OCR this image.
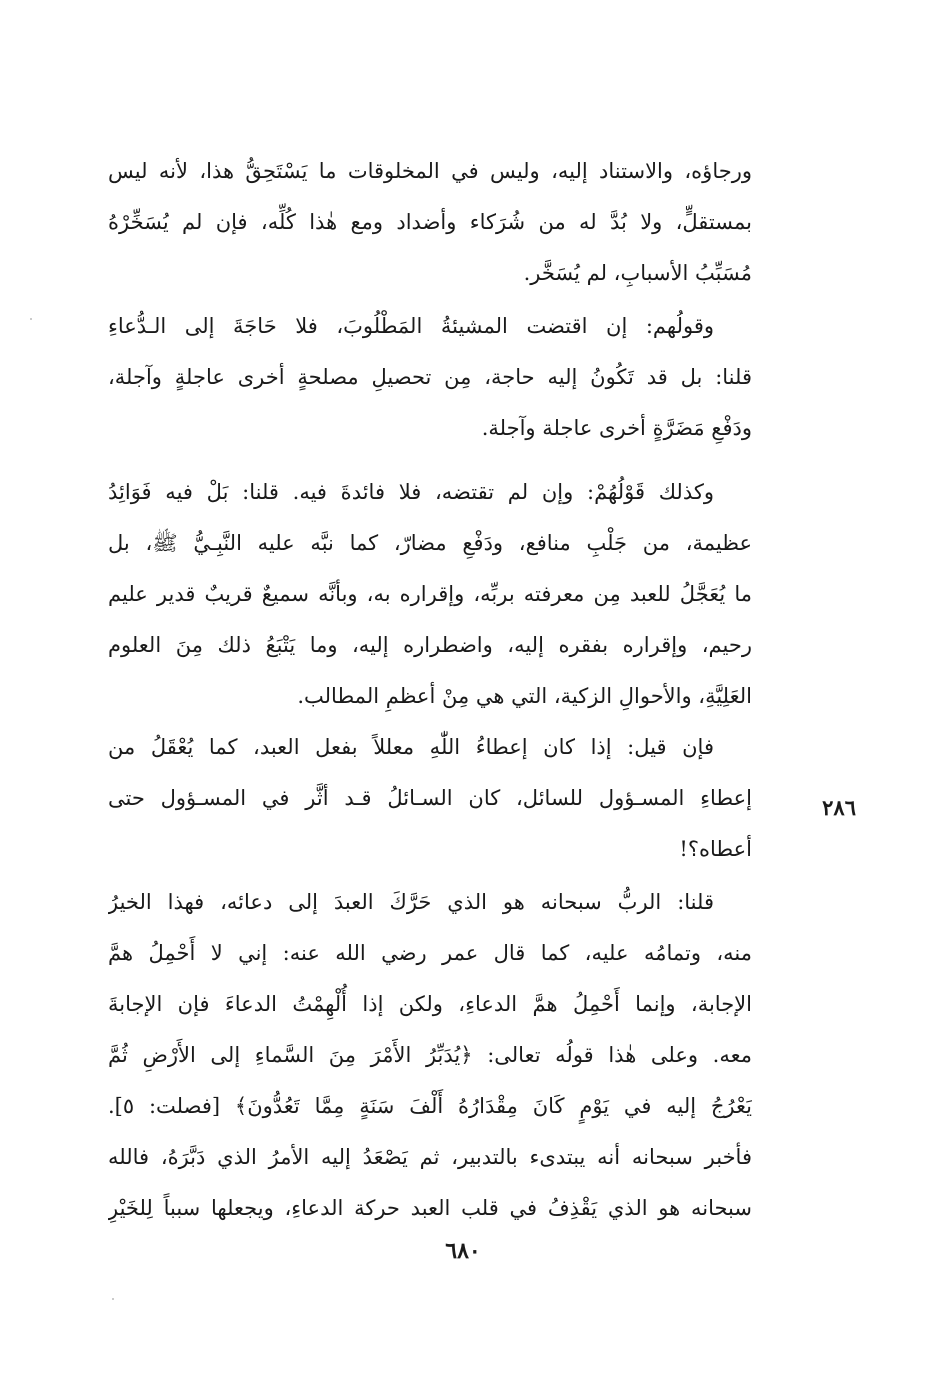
ورجاؤه، والاستناد إليه، وليس في المخلوقات ما يَسْتَحِقُّ هذا، لأنه ليس
بمستقلٍّ، ولا بُدَّ له من شُرَكاء وأضداد ومع هٰذا كُلِّه، فإن لم يُسَخِّرْهُ
مُسَبِّبُ الأسبابِ، لم يُسَخَّر.
وقولُهم: إن اقتضت المشيئةُ المَطْلُوبَ، فلا حَاجَةَ إلى الـدُّعاءِ
قلنا: بل قد تَكُونُ إليه حاجة، مِن تحصيلِ مصلحةٍ أخرى عاجلةٍ وآجلة،
ودَفْعِ مَضَرَّةٍ أخرى عاجلة وآجلة.
وكذلك قَوْلُهُمْ: وإن لم تقتضه، فلا فائدةَ فيه. قلنا: بَلْ فيه فَوَائِدُ
عظيمة، من جَلْبِ منافع، ودَفْعِ مضارّ، كما نبَّه عليه النَّبِـيُّ ﷺ، بل
ما يُعَجَّلُ للعبد مِن معرفته بربِّه، وإقراره به، وبأنَّه سميعٌ قريبٌ قدير عليم
رحيم، وإقراره بفقره إليه، واضطراره إليه، وما يَتْبَعُ ذلك مِنَ العلوم
العَلِيَّةِ، والأحوالِ الزكية، التي هي مِنْ أعظمِ المطالب.
فإن قيل: إذا كان إعطاءُ اللّٰهِ معللاً بفعل العبد، كما يُعْقَلُ من
إعطاءِ المسـؤول للسائل، كان السـائلُ قـد أثَّر في المسـؤول حتى
أعطاه؟!
٢٨٦
قلنا: الربُّ سبحانه هو الذي حَرَّكَ العبدَ إلى دعائه، فهذا الخيرُ
منه، وتمامُه عليه، كما قال عمر رضي الله عنه: إني لا أَحْمِلُ همَّ
الإجابة، وإنما أَحْمِلُ همَّ الدعاءِ، ولكن إذا أُلْهِمْتُ الدعاءَ فإن الإجابةَ
معه. وعلى هٰذا قولُه تعالى: ﴿يُدَبِّرُ الأَمْرَ مِنَ السَّماءِ إلى الأَرْضِ ثُمَّ
يَعْرُجُ إليه في يَوْمٍ كَانَ مِقْدَارُهُ أَلْفَ سَنَةٍ مِمَّا تَعُدُّونَ﴾ [فصلت: ٥].
فأخبر سبحانه أنه يبتدىء بالتدبير، ثم يَصْعَدُ إليه الأمرُ الذي دَبَّرَهُ، فالله
سبحانه هو الذي يَقْذِفُ في قلب العبد حركة الدعاءِ، ويجعلها سبباً لِلخَيْرِ
٦٨٠
